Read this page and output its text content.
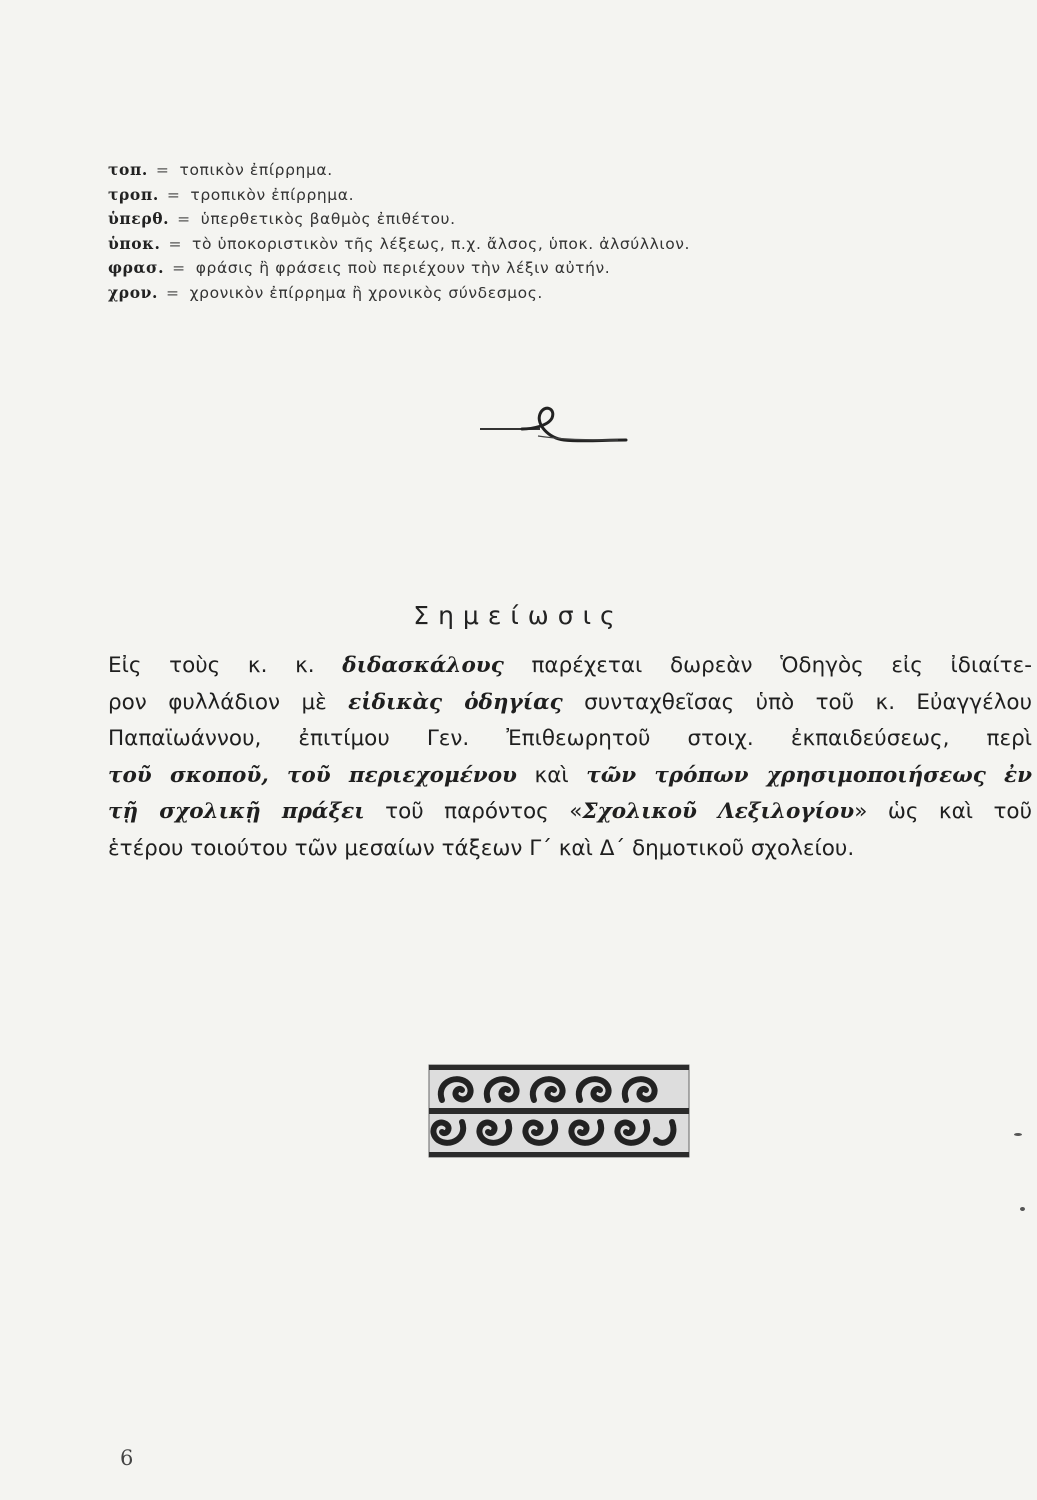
τοπ. = τοπικὸν ἐπίρρημα.
τροπ. = τροπικὸν ἐπίρρημα.
ὑπερθ. = ὑπερθετικὸς βαθμὸς ἐπιθέτου.
ὑποκ. = τὸ ὑποκοριστικὸν τῆς λέξεως, π.χ. ἄλσος, ὑποκ. ἀλσύλλιον.
φρασ. = φράσις ἢ φράσεις ποὺ περιέχουν τὴν λέξιν αὐτήν.
χρον. = χρονικὸν ἐπίρρημα ἢ χρονικὸς σύνδεσμος.
Σημείωσις
Εἰς τοὺς κ. κ. διδασκάλους παρέχεται δωρεὰν Ὁδηγὸς εἰς ἰδιαίτε-
ρον φυλλάδιον μὲ εἰδικὰς ὁδηγίας συνταχθεῖσας ὑπὸ τοῦ κ. Εὐαγγέλου
Παπαϊωάννου, ἐπιτίμου Γεν. Ἐπιθεωρητοῦ στοιχ. ἐκπαιδεύσεως, περὶ
τοῦ σκοποῦ, τοῦ περιεχομένου καὶ τῶν τρόπων χρησιμοποιήσεως ἐν
τῇ σχολικῇ πράξει τοῦ παρόντος «Σχολικοῦ Λεξιλογίου» ὡς καὶ τοῦ
ἑτέρου τοιούτου τῶν μεσαίων τάξεων Γ΄ καὶ Δ΄ δημοτικοῦ σχολείου.
6
